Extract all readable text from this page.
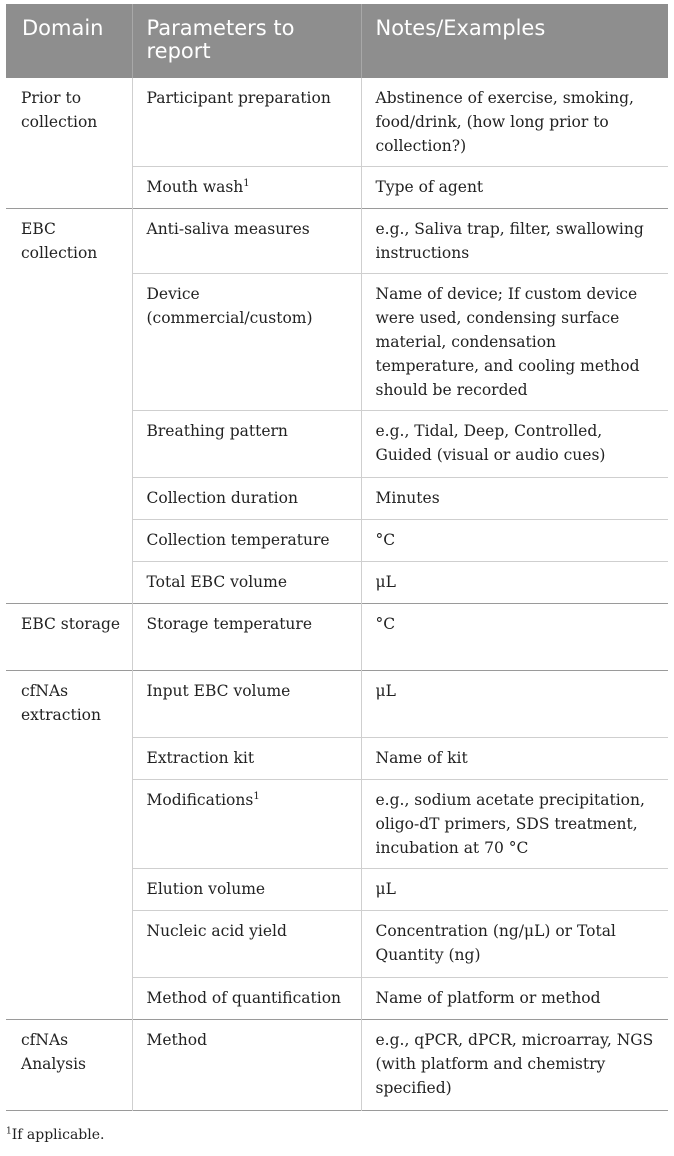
Domain	Parameters to report	Notes/Examples
Prior to collection	Participant preparation	Abstinence of exercise, smoking, food/drink, (how long prior to collection?)
	Mouth wash$^1$	Type of agent
EBC collection	Anti-saliva measures	e.g., Saliva trap, filter, swallowing instructions
	Device (commercial/custom)	Name of device; If custom device were used, condensing surface material, condensation temperature, and cooling method should be recorded
	Breathing pattern	e.g., Tidal, Deep, Controlled, Guided (visual or audio cues)
	Collection duration	Minutes
	Collection temperature	°C
	Total EBC volume	μL
EBC storage	Storage temperature	°C
cfNAs extraction	Input EBC volume	μL
	Extraction kit	Name of kit
	Modifications$^1$	e.g., sodium acetate precipitation, oligo-dT primers, SDS treatment, incubation at 70 °C
	Elution volume	μL
	Nucleic acid yield	Concentration (ng/μL) or Total Quantity (ng)
	Method of quantification	Name of platform or method
cfNAs Analysis	Method	e.g., qPCR, dPCR, microarray, NGS (with platform and chemistry specified)
$^1$If applicable.
